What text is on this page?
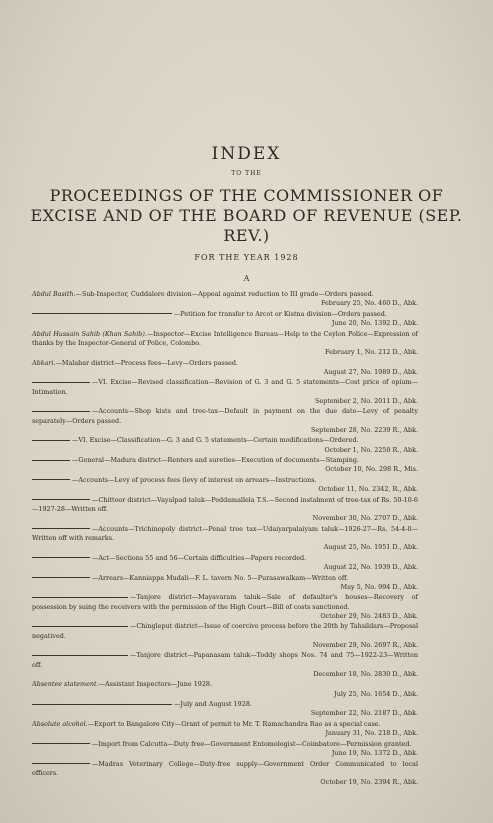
INDEX
TO THE
PROCEEDINGS OF THE COMMISSIONER OF EXCISE AND OF THE BOARD OF REVENUE (SEP. REV.)
FOR THE YEAR 1928
A
Abdul Basith.—Sub-Inspector, Cuddalore division—Appeal against reduction to III grade—Orders passed.
February 25, No. 460 D., Abk.
—Petition for transfer to Arcot or Kistna division—Orders passed.
June 20, No. 1392 D., Abk.
Abdul Hussain Sahib (Khan Sahib).—Inspector—Excise Intelligence Bureau—Help to the Ceylon Police—Expression of thanks by the Inspector-General of Police, Colombo.
February 1, No. 212 D., Abk.
Abkari.—Malabar district—Process fees—Levy—Orders passed.
August 27, No. 1989 D., Abk.
—VI. Excise—Revised classification—Revision of G. 3 and G. 5 statements—Cost price of opium—Intimation.
September 2, No. 2011 D., Abk.
—Accounts—Shop kists and tree-tax—Default in payment on the due date—Levy of penalty separately—Orders passed.
September 28, No. 2239 R., Abk.
—VI. Excise—Classification—G. 3 and G. 5 statements—Certain modifications—Ordered.
October 1, No. 2250 R., Abk.
—General—Madura district—Renters and sureties—Execution of documents—Stamping.
October 10, No. 298 R., Mis.
—Accounts—Levy of process fees (levy of interest on arrears—Instructions.
October 11, No. 2342, R., Abk.
—Chittoor district—Vayalpad taluk—Peddamallela T.S.—Second instalment of tree-tax of Rs. 50-10-6—1927-28—Written off.
November 30, No. 2707 D., Abk.
—Accounts—Trichinopoly district—Penal tree tax—Udaiyarpalaiyam taluk—1926-27—Rs. 54-4-0—Written off with remarks.
August 25, No. 1951 D., Abk.
—Act—Sections 55 and 56—Certain difficulties—Papers recorded.
August 22, No. 1939 D., Abk.
—Arrears—Kanniappa Mudali—F. L. tavern No. 5—Purasawalkam—Written off.
May 5, No. 994 D., Abk.
—Tanjore district—Mayavaram taluk—Sale of defaulter's houses—Recovery of possession by suing the receivers with the permission of the High Court—Bill of costs sanctioned.
October 29, No. 2483 D., Abk.
—Chingleput district—Issue of coercive process before the 20th by Tahsildars—Proposal negatived.
November 29, No. 2697 R., Abk.
—Tanjore district—Papanasam taluk—Toddy shops Nos. 74 and 75—1922-23—Written off.
December 18, No. 2830 D., Abk.
Absentee statement.—Assistant Inspectors—June 1928.
July 25, No. 1654 D., Abk.
—July and August 1928.
September 22, No. 2187 D., Abk.
Absolute alcohol.—Export to Bangalore City—Grant of permit to Mr. T. Ramachandra Rao as a special case.
January 31, No. 218 D., Abk.
—Import from Calcutta—Duty free—Government Entomologist—Coimbatore—Permission granted.
June 19, No. 1372 D., Abk.
—Madras Veterinary College—Duty-free supply—Government Order Communicated to local officers.
October 19, No. 2394 R., Abk.
